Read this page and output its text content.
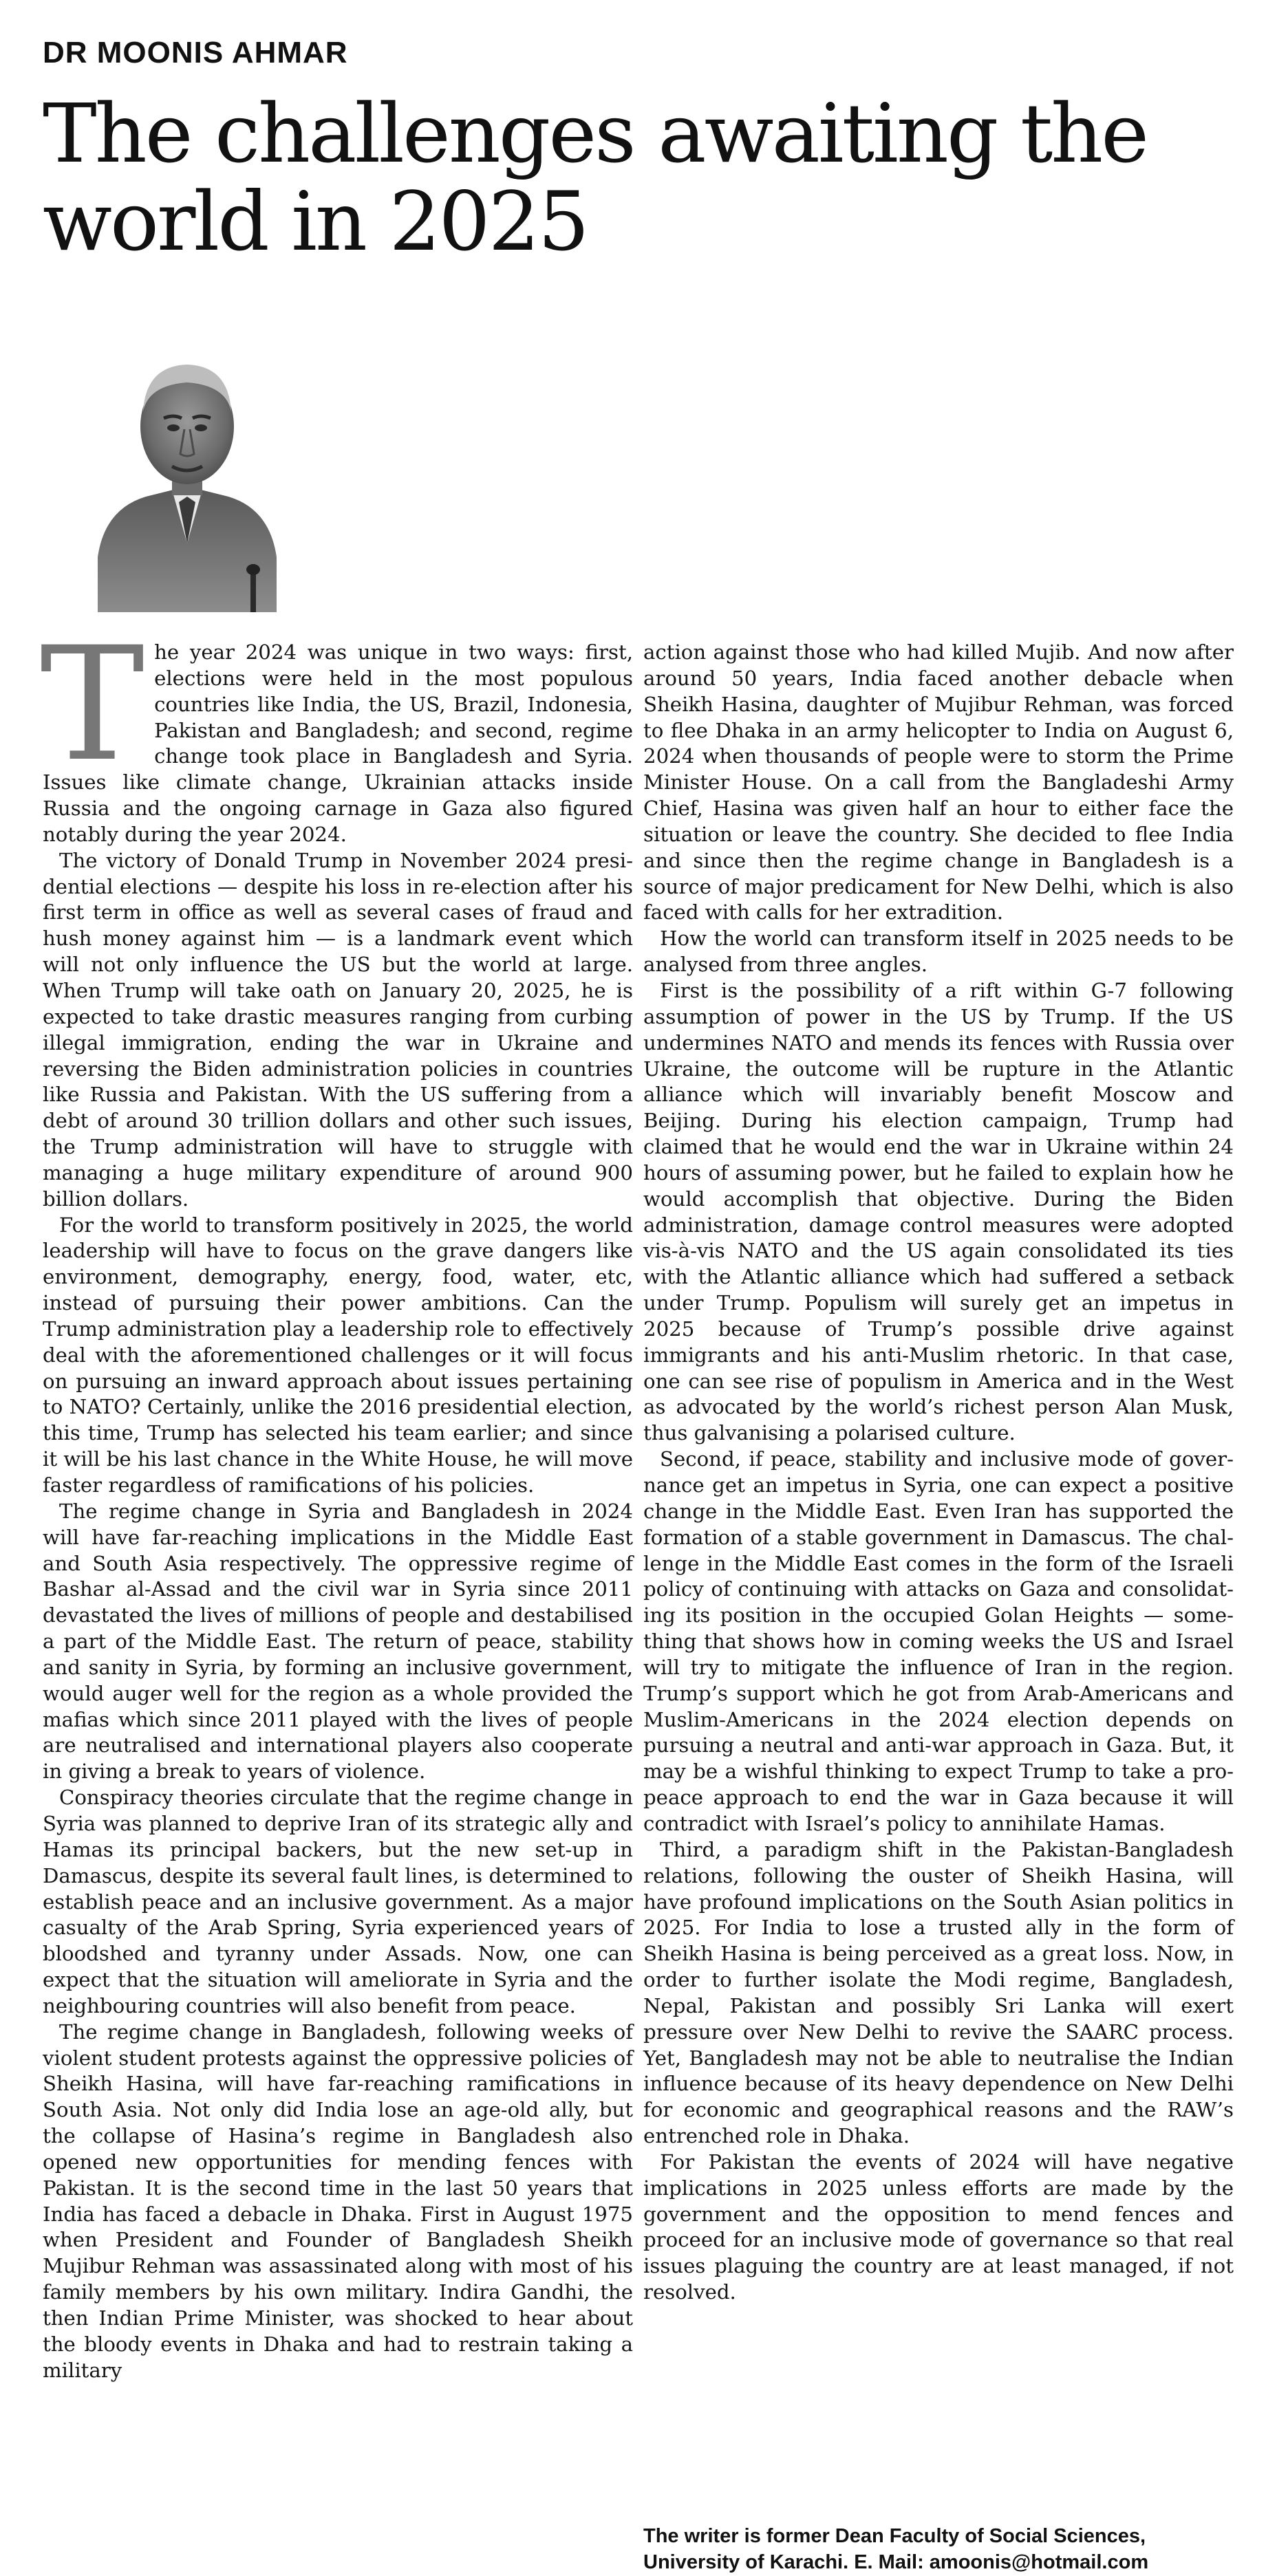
DR MOONIS AHMAR
The challenges awaiting the world in 2025
T he year 2024 was unique in two ways: first, elections were held in the most populous countries like India, the US, Brazil, Indonesia, Pakistan and Bangladesh; and second, regime change took place in Bangladesh and Syria. Issues like climate change, Ukrainian attacks inside Russia and the ongoing carnage in Gaza also figured notably during the year 2024.

The victory of Donald Trump in November 2024 presidential elections — despite his loss in re-election after his first term in office as well as several cases of fraud and hush money against him — is a landmark event which will not only influence the US but the world at large. When Trump will take oath on January 20, 2025, he is expected to take drastic measures ranging from curbing illegal immigration, ending the war in Ukraine and reversing the Biden administration policies in countries like Russia and Pakistan. With the US suffering from a debt of around 30 trillion dollars and other such issues, the Trump administration will have to struggle with managing a huge military expenditure of around 900 billion dollars.

For the world to transform positively in 2025, the world leadership will have to focus on the grave dangers like environment, demography, energy, food, water, etc, instead of pursuing their power ambitions. Can the Trump administration play a leadership role to effectively deal with the aforementioned challenges or it will focus on pursuing an inward approach about issues pertaining to NATO? Certainly, unlike the 2016 presidential election, this time, Trump has selected his team earlier; and since it will be his last chance in the White House, he will move faster regardless of ramifications of his policies.

The regime change in Syria and Bangladesh in 2024 will have far-reaching implications in the Middle East and South Asia respectively. The oppressive regime of Bashar al-Assad and the civil war in Syria since 2011 devastated the lives of millions of people and destabilised a part of the Middle East. The return of peace, stability and sanity in Syria, by forming an inclusive government, would auger well for the region as a whole provided the mafias which since 2011 played with the lives of people are neutralised and international players also cooperate in giving a break to years of violence.

Conspiracy theories circulate that the regime change in Syria was planned to deprive Iran of its strategic ally and Hamas its principal backers, but the new set-up in Damascus, despite its several fault lines, is determined to establish peace and an inclusive government. As a major casualty of the Arab Spring, Syria experienced years of bloodshed and tyranny under Assads. Now, one can expect that the situation will ameliorate in Syria and the neighbouring countries will also benefit from peace.

The regime change in Bangladesh, following weeks of violent student protests against the oppressive policies of Sheikh Hasina, will have far-reaching ramifications in South Asia. Not only did India lose an age-old ally, but the collapse of Hasina’s regime in Bangladesh also opened new opportunities for mending fences with Pakistan. It is the second time in the last 50 years that India has faced a debacle in Dhaka. First in August 1975 when President and Founder of Bangladesh Sheikh Mujibur Rehman was assassinated along with most of his family members by his own military. Indira Gandhi, the then Indian Prime Minister, was shocked to hear about the bloody events in Dhaka and had to restrain taking a military

action against those who had killed Mujib. And now after around 50 years, India faced another debacle when Sheikh Hasina, daughter of Mujibur Rehman, was forced to flee Dhaka in an army helicopter to India on August 6, 2024 when thousands of people were to storm the Prime Minister House. On a call from the Bangladeshi Army Chief, Hasina was given half an hour to either face the situation or leave the country. She decided to flee India and since then the regime change in Bangladesh is a source of major predicament for New Delhi, which is also faced with calls for her extradition.

How the world can transform itself in 2025 needs to be analysed from three angles.

First is the possibility of a rift within G-7 following assumption of power in the US by Trump. If the US undermines NATO and mends its fences with Russia over Ukraine, the outcome will be rupture in the Atlantic alliance which will invariably benefit Moscow and Beijing. During his election campaign, Trump had claimed that he would end the war in Ukraine within 24 hours of assuming power, but he failed to explain how he would accomplish that objective. During the Biden administration, damage control measures were adopted vis-à-vis NATO and the US again consolidated its ties with the Atlantic alliance which had suffered a setback under Trump. Populism will surely get an impetus in 2025 because of Trump’s possible drive against immigrants and his anti-Muslim rhetoric. In that case, one can see rise of populism in America and in the West as advocated by the world’s richest person Alan Musk, thus galvanising a polarised culture.

Second, if peace, stability and inclusive mode of governance get an impetus in Syria, one can expect a positive change in the Middle East. Even Iran has supported the formation of a stable government in Damascus. The challenge in the Middle East comes in the form of the Israeli policy of continuing with attacks on Gaza and consolidating its position in the occupied Golan Heights — something that shows how in coming weeks the US and Israel will try to mitigate the influence of Iran in the region. Trump’s support which he got from Arab-Americans and Muslim-Americans in the 2024 election depends on pursuing a neutral and anti-war approach in Gaza. But, it may be a wishful thinking to expect Trump to take a pro-peace approach to end the war in Gaza because it will contradict with Israel’s policy to annihilate Hamas.

Third, a paradigm shift in the Pakistan-Bangladesh relations, following the ouster of Sheikh Hasina, will have profound implications on the South Asian politics in 2025. For India to lose a trusted ally in the form of Sheikh Hasina is being perceived as a great loss. Now, in order to further isolate the Modi regime, Bangladesh, Nepal, Pakistan and possibly Sri Lanka will exert pressure over New Delhi to revive the SAARC process. Yet, Bangladesh may not be able to neutralise the Indian influence because of its heavy dependence on New Delhi for economic and geographical reasons and the RAW’s entrenched role in Dhaka.

For Pakistan the events of 2024 will have negative implications in 2025 unless efforts are made by the government and the opposition to mend fences and proceed for an inclusive mode of governance so that real issues plaguing the country are at least managed, if not resolved.

The writer is former Dean Faculty of Social Sciences, University of Karachi. E. Mail: amoonis@hotmail.com
